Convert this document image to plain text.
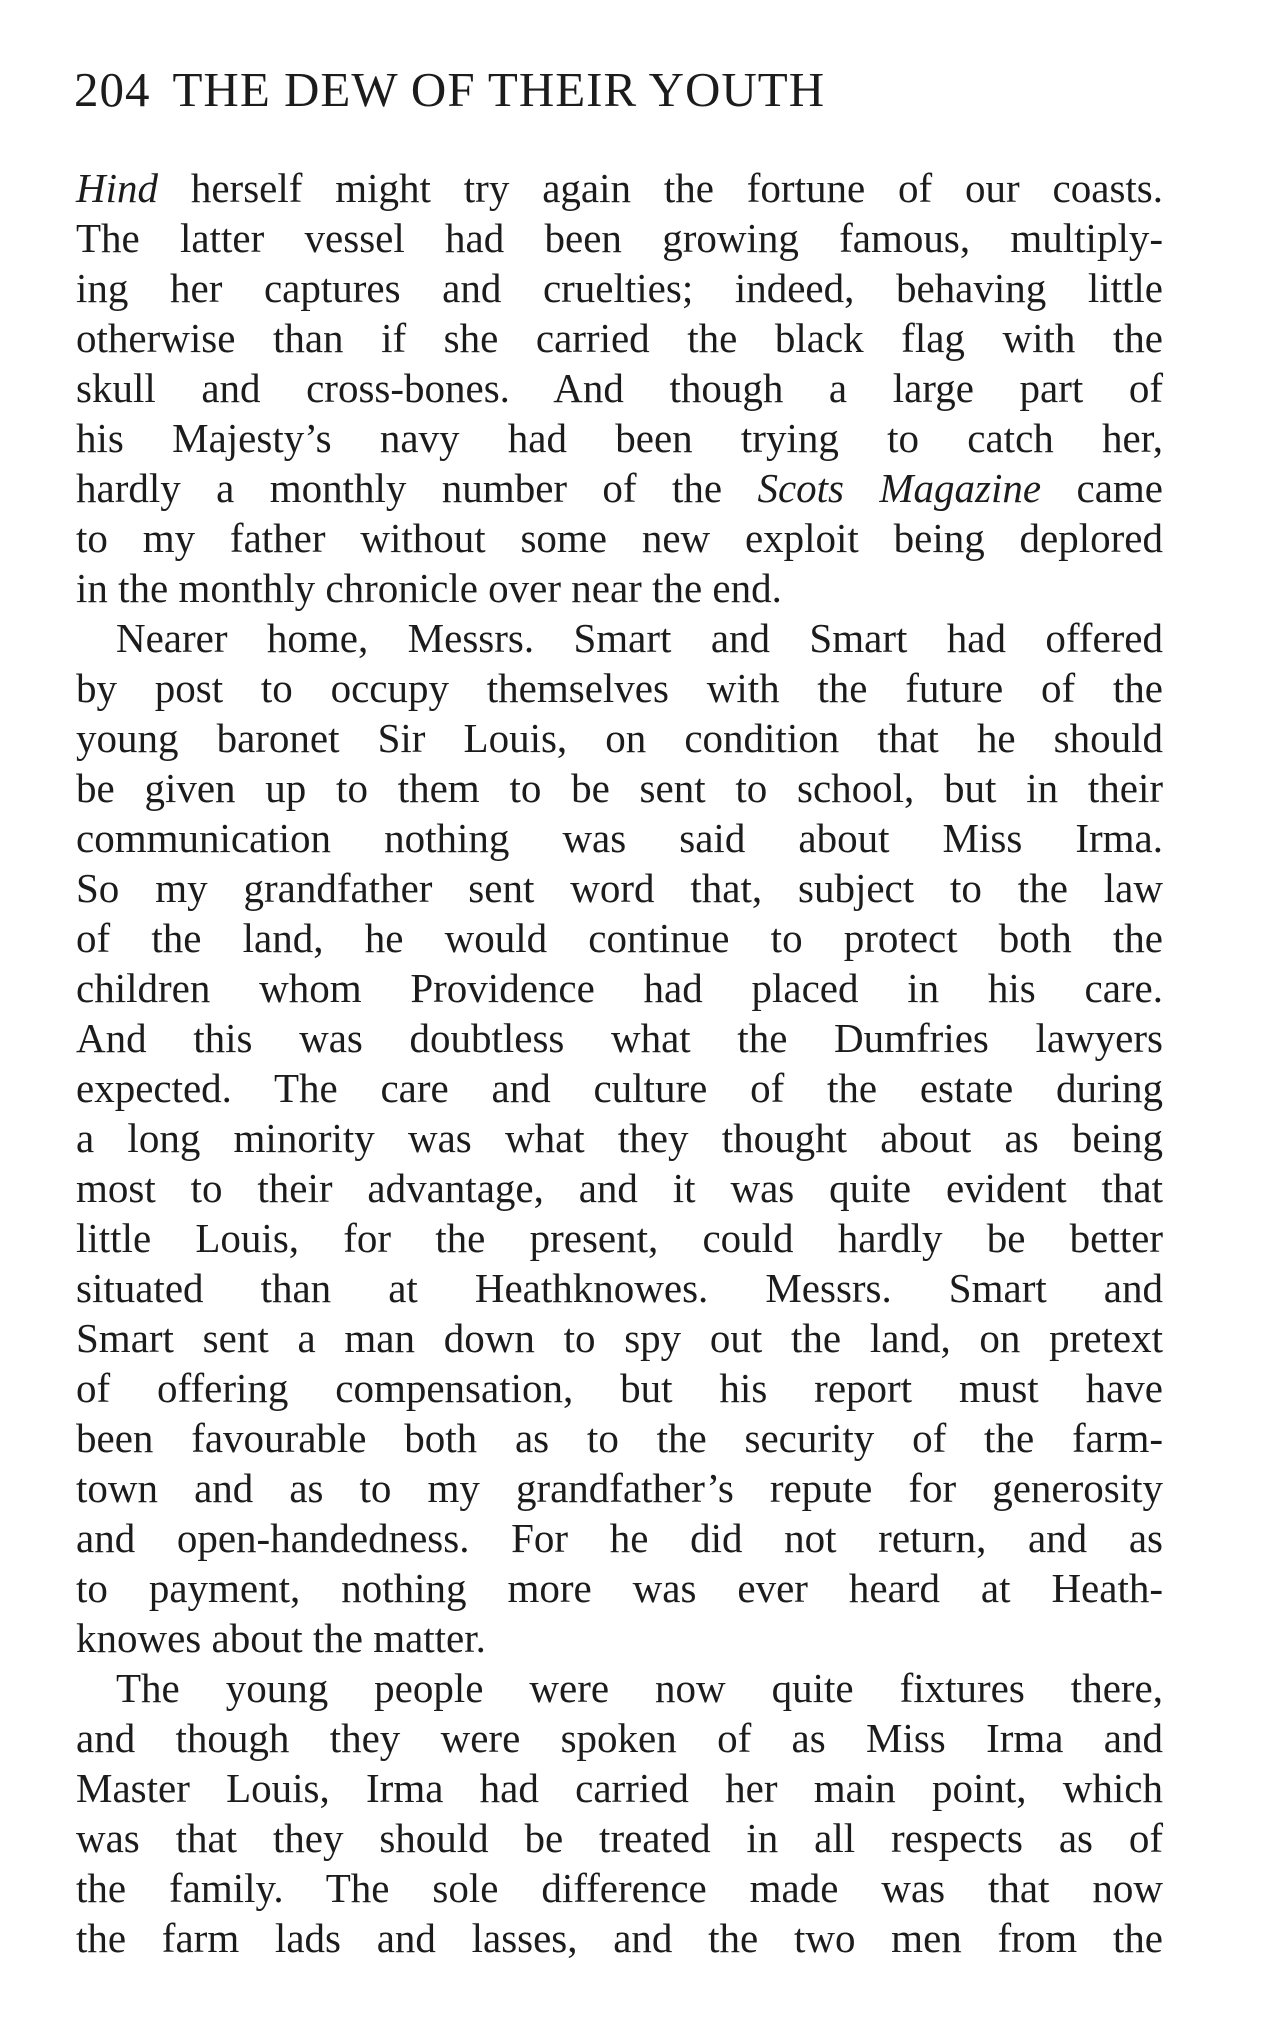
204 THE DEW OF THEIR YOUTH
Hind herself might try again the fortune of our coasts.
The latter vessel had been growing famous, multiply-
ing her captures and cruelties; indeed, behaving little
otherwise than if she carried the black flag with the
skull and cross-bones. And though a large part of
his Majesty’s navy had been trying to catch her,
hardly a monthly number of the Scots Magazine came
to my father without some new exploit being deplored
in the monthly chronicle over near the end.
Nearer home, Messrs. Smart and Smart had offered
by post to occupy themselves with the future of the
young baronet Sir Louis, on condition that he should
be given up to them to be sent to school, but in their
communication nothing was said about Miss Irma.
So my grandfather sent word that, subject to the law
of the land, he would continue to protect both the
children whom Providence had placed in his care.
And this was doubtless what the Dumfries lawyers
expected. The care and culture of the estate during
a long minority was what they thought about as being
most to their advantage, and it was quite evident that
little Louis, for the present, could hardly be better
situated than at Heathknowes. Messrs. Smart and
Smart sent a man down to spy out the land, on pretext
of offering compensation, but his report must have
been favourable both as to the security of the farm-
town and as to my grandfather’s repute for generosity
and open-handedness. For he did not return, and as
to payment, nothing more was ever heard at Heath-
knowes about the matter.
The young people were now quite fixtures there,
and though they were spoken of as Miss Irma and
Master Louis, Irma had carried her main point, which
was that they should be treated in all respects as of
the family. The sole difference made was that now
the farm lads and lasses, and the two men from the
